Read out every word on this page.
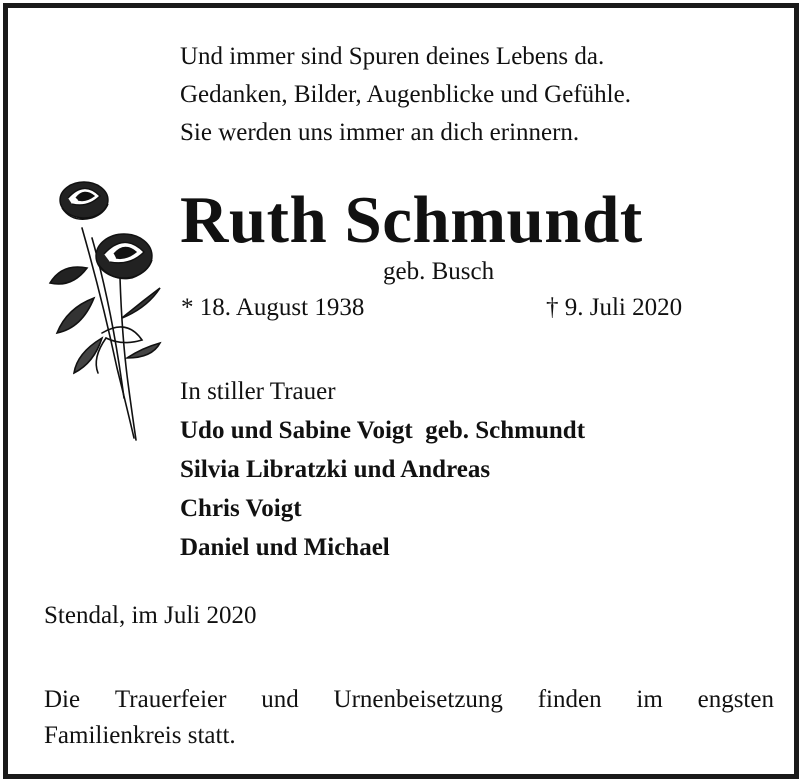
Und immer sind Spuren deines Lebens da.
Gedanken, Bilder, Augenblicke und Gefühle.
Sie werden uns immer an dich erinnern.
Ruth Schmundt
geb. Busch
* 18. August 1938	† 9. Juli 2020
In stiller Trauer
Udo und Sabine Voigt  geb. Schmundt
Silvia Libratzki und Andreas
Chris Voigt
Daniel und Michael
Stendal, im Juli 2020
Die Trauerfeier und Urnenbeisetzung finden im engsten
Familienkreis statt.
